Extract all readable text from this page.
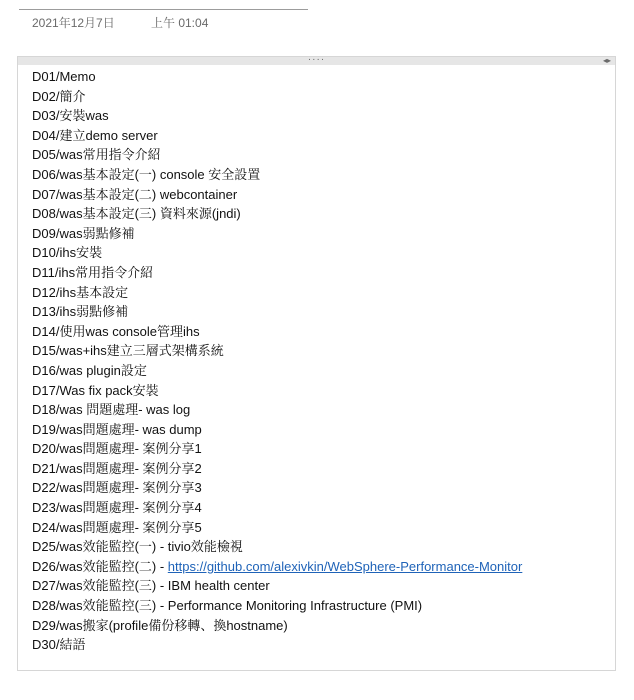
2021年12月7日	上午 01:04
····	◂▸
D01/Memo
D02/簡介
D03/安裝was
D04/建立demo server
D05/was常用指令介紹
D06/was基本設定(一) console 安全設置
D07/was基本設定(二) webcontainer
D08/was基本設定(三) 資料來源(jndi)
D09/was弱點修補
D10/ihs安裝
D11/ihs常用指令介紹
D12/ihs基本設定
D13/ihs弱點修補
D14/使用was console管理ihs
D15/was+ihs建立三層式架構系統
D16/was plugin設定
D17/Was fix pack安裝
D18/was 問題處理- was log
D19/was問題處理- was dump
D20/was問題處理- 案例分享1
D21/was問題處理- 案例分享2
D22/was問題處理- 案例分享3
D23/was問題處理- 案例分享4
D24/was問題處理- 案例分享5
D25/was效能監控(一) - tivio效能檢視
D26/was效能監控(二) - https://github.com/alexivkin/WebSphere-Performance-Monitor
D27/was效能監控(三) - IBM health center
D28/was效能監控(三) - Performance Monitoring Infrastructure (PMI)
D29/was搬家(profile備份移轉、換hostname)
D30/結語
